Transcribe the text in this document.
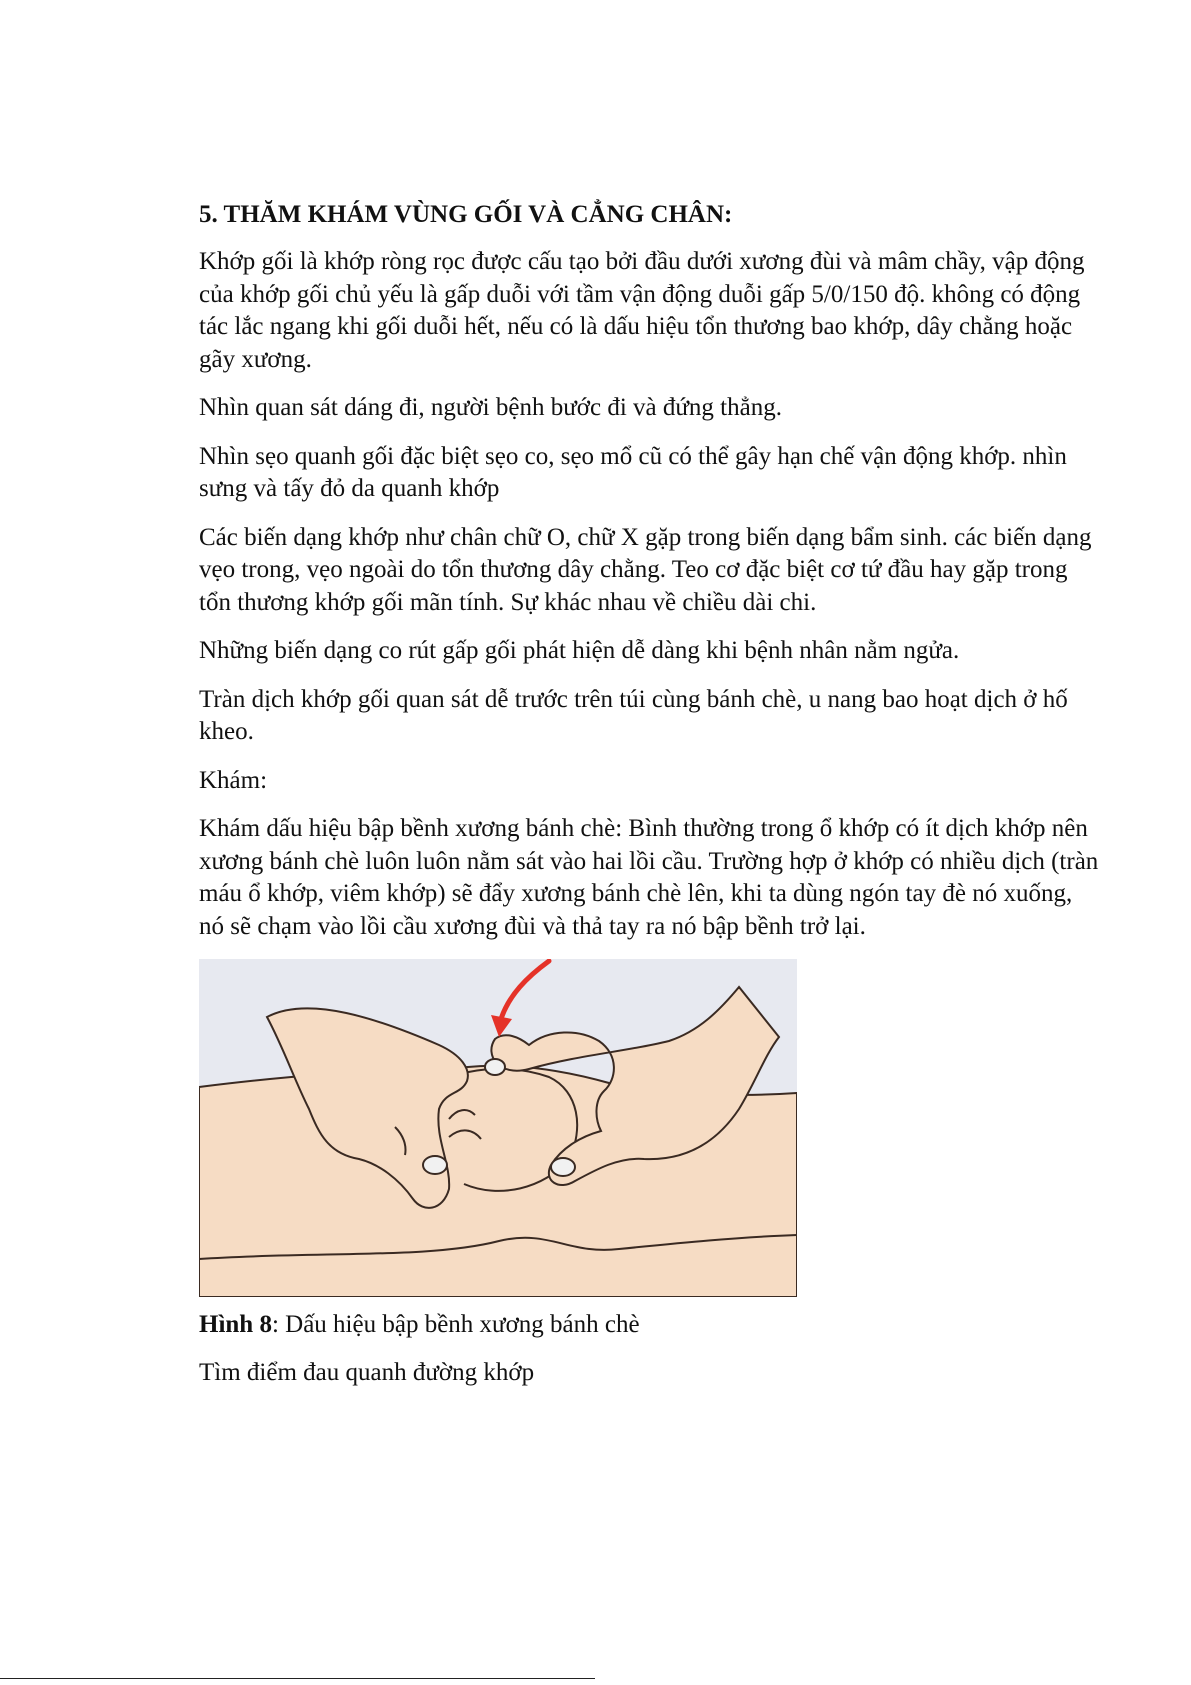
5. THĂM KHÁM VÙNG GỐI VÀ CẲNG CHÂN:

Khớp gối là khớp ròng rọc được cấu tạo bởi đầu dưới xương đùi và mâm chầy, vập động của khớp gối chủ yếu là gấp duỗi với tầm vận động duỗi gấp 5/0/150 độ. không có động tác lắc ngang khi gối duỗi hết, nếu có là dấu hiệu tổn thương bao khớp, dây chằng hoặc gãy xương.

Nhìn quan sát dáng đi, người bệnh bước đi và đứng thẳng.

Nhìn sẹo quanh gối đặc biệt sẹo co, sẹo mổ cũ có thể gây hạn chế vận động khớp. nhìn sưng và tấy đỏ da quanh khớp

Các biến dạng khớp như chân chữ O, chữ X gặp trong biến dạng bẩm sinh. các biến dạng vẹo trong, vẹo ngoài do tổn thương dây chằng. Teo cơ đặc biệt cơ tứ đầu hay gặp trong tổn thương khớp gối mãn tính. Sự khác nhau về chiều dài chi.

Những biến dạng co rút gấp gối phát hiện dễ dàng khi bệnh nhân nằm ngửa.

Tràn dịch khớp gối quan sát dễ trước trên túi cùng bánh chè, u nang bao hoạt dịch ở hố kheo.

Khám:

Khám dấu hiệu bập bềnh xương bánh chè: Bình thường trong ổ khớp có ít dịch khớp nên xương bánh chè luôn luôn nằm sát vào hai lồi cầu. Trường hợp ở khớp có nhiều dịch (tràn máu ổ khớp, viêm khớp) sẽ đẩy xương bánh chè lên, khi ta dùng ngón tay đè nó xuống, nó sẽ chạm vào lồi cầu xương đùi và thả tay ra nó bập bềnh trở lại.

Hình 8: Dấu hiệu bập bềnh xương bánh chè

Tìm điểm đau quanh đường khớp
